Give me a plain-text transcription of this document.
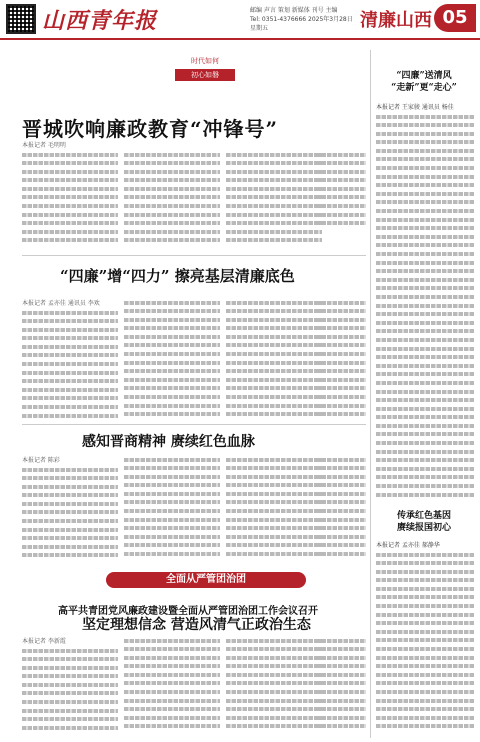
山西青年报	邮编 声言 策划 新媒体 刊号 主编
Tel: 0351-4376666 2025年3月28日 星期五	清廉山西 05
时代如何
初心如磐
晋城吹响廉政教育“冲锋号”
本报记者 毛明明
“四廉”增“四力” 擦亮基层清廉底色
本报记者 孟亦佳 通讯员 李欢
感知晋商精神 赓续红色血脉
本报记者 陈彩
全面从严管团治团
高平共青团党风廉政建设暨全面从严管团治团工作会议召开
坚定理想信念 营造风清气正政治生态
本报记者 李新霞
“四廉”送清风
“走新”更“走心”
本报记者 王家骏 通讯员 杨佳
传承红色基因
赓续报国初心
本报记者 孟亦佳 郝静华
